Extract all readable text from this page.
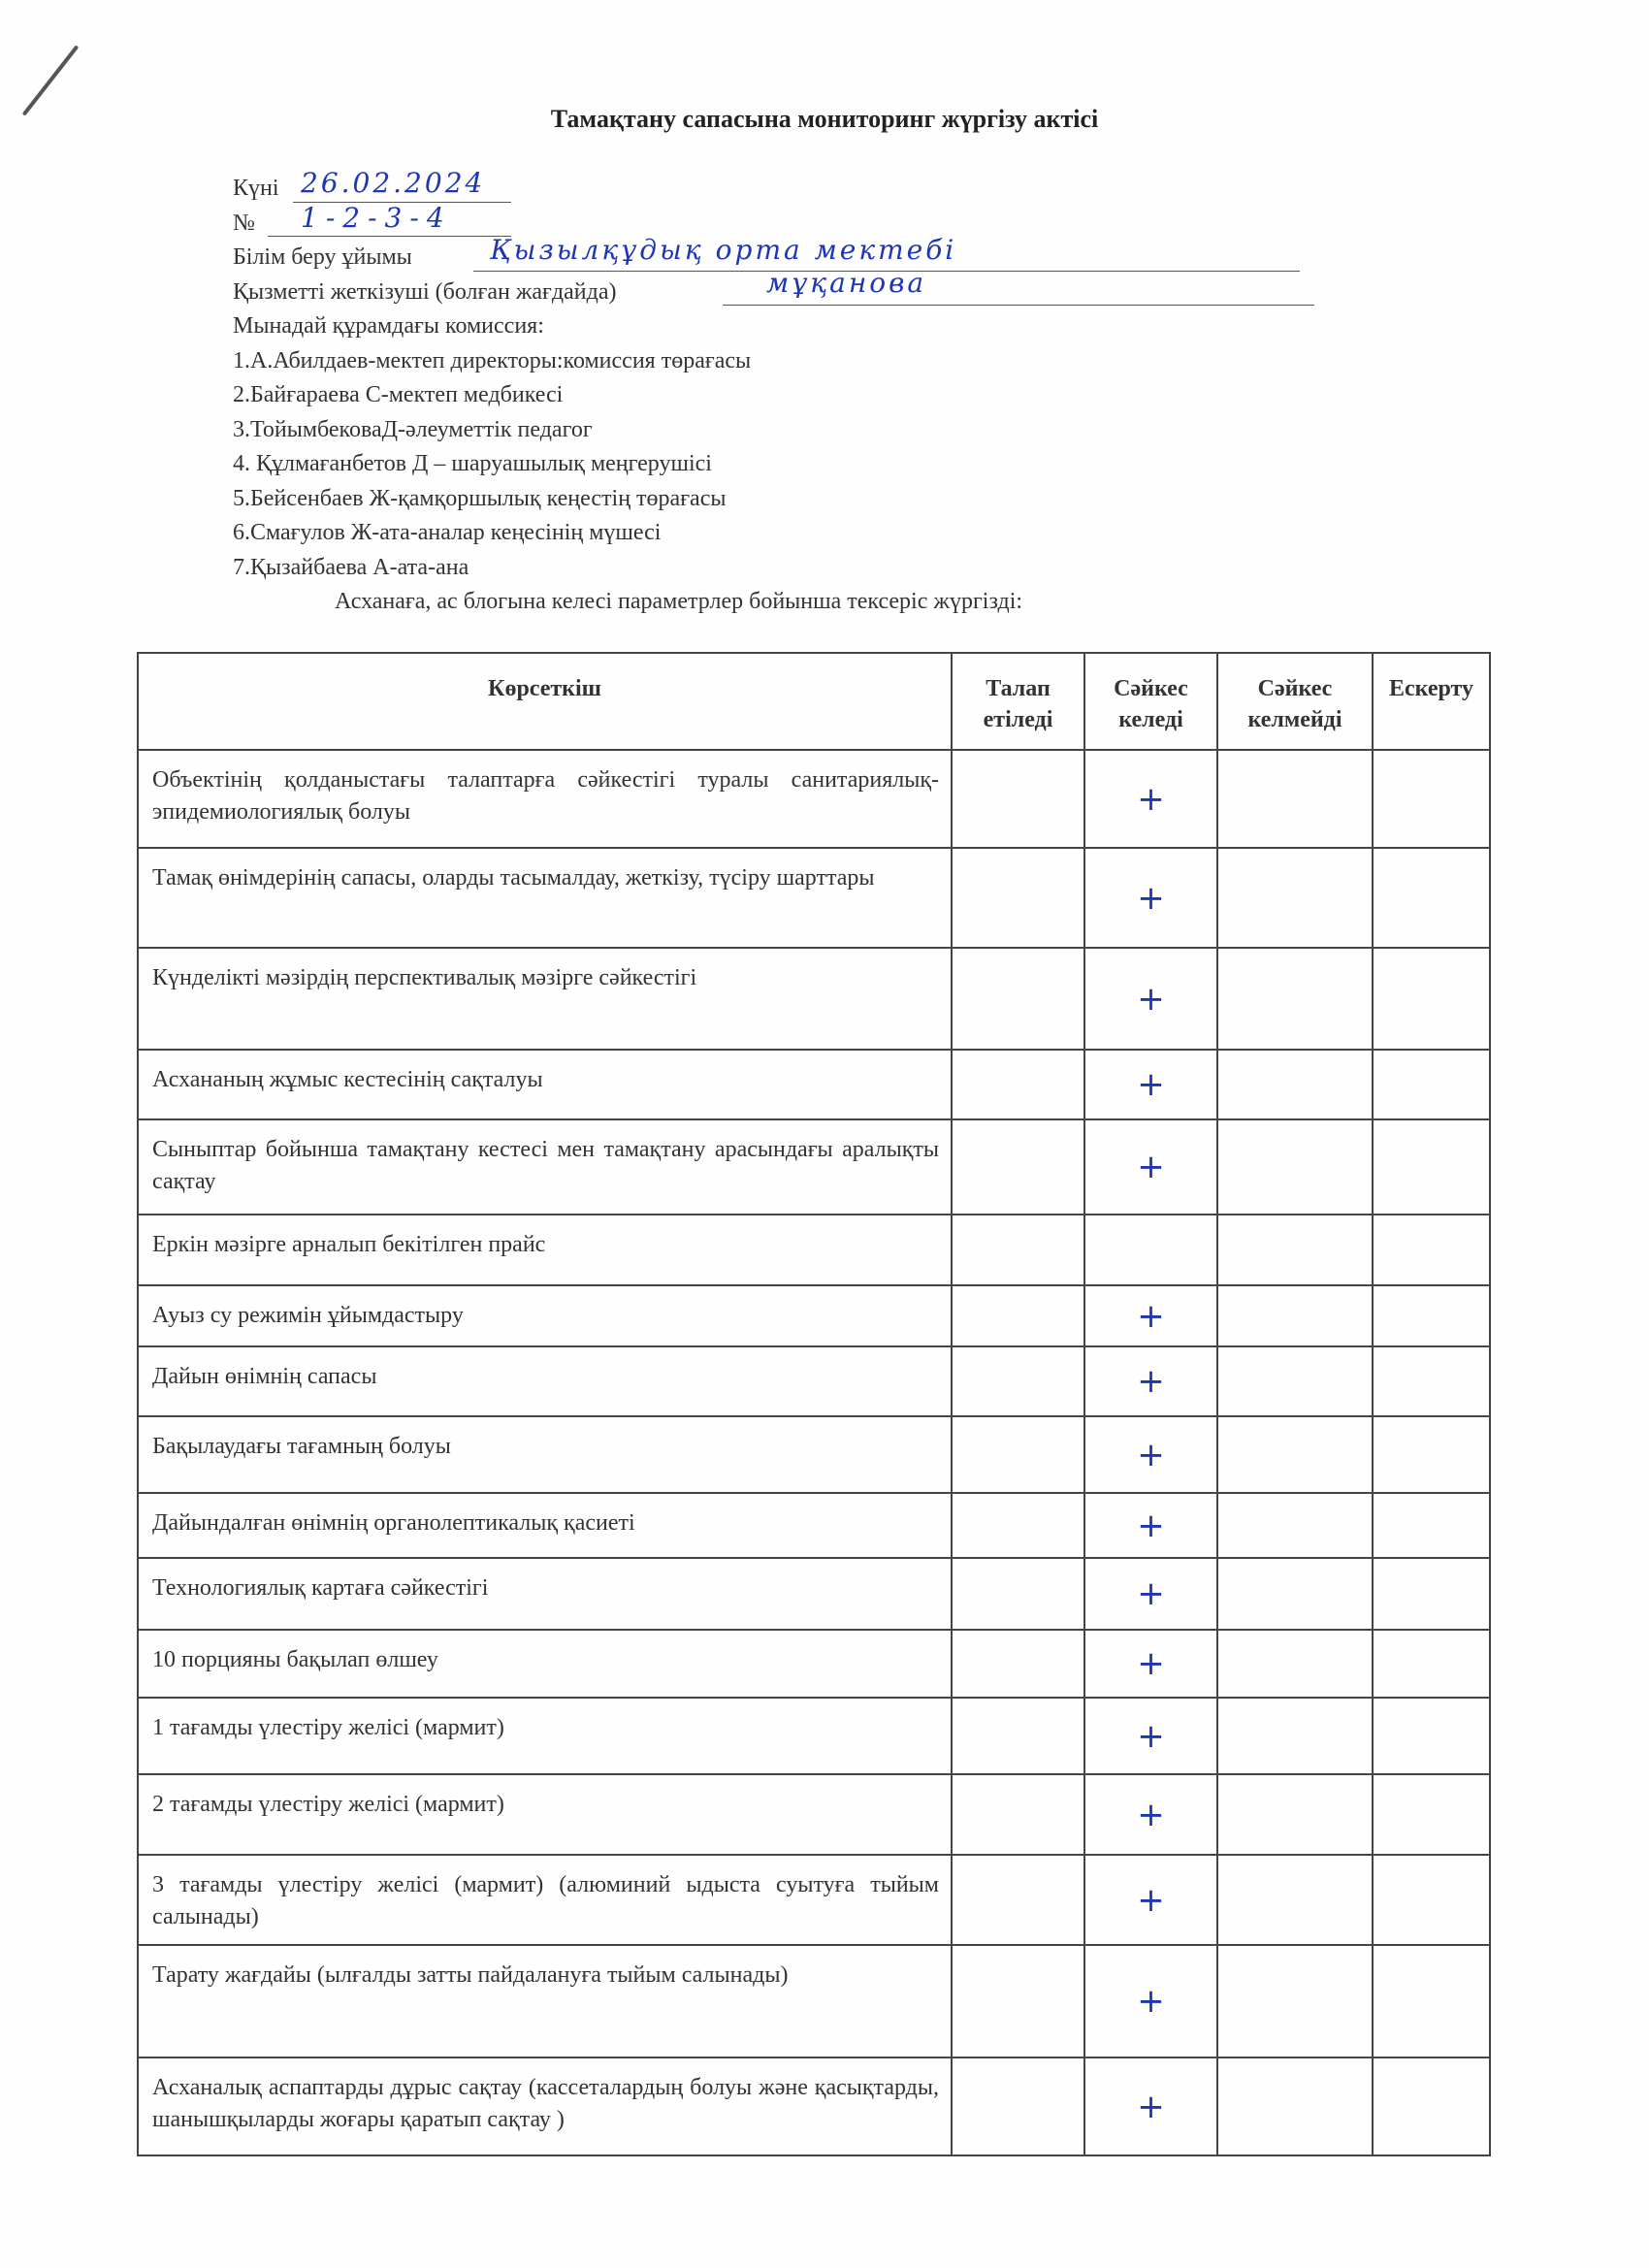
Тамақтану сапасына мониторинг жүргізу актісі
Күні 26.02.2024
№ 1-2-3-4
Білім беру ұйымы	Қызылқұдық орта мектебі
Қызметті жеткізуші (болған жағдайда)	мұқанова
Мынадай құрамдағы комиссия:
1.А.Абилдаев-мектеп директоры:комиссия төрағасы
2.Байғараева С-мектеп медбикесі
3.ТойымбековаД-әлеуметтік педагог
4. Құлмағанбетов Д – шаруашылық меңгерушісі
5.Бейсенбаев Ж-қамқоршылық кеңестің төрағасы
6.Смағулов Ж-ата-аналар кеңесінің мүшесі
7.Қызайбаева А-ата-ана
Асханаға, ас блогына келесі параметрлер бойынша тексеріс жүргізді:
Көрсеткіш	Талап етіледі	Сәйкес келеді	Сәйкес келмейді	Ескерту
Объектінің қолданыстағы талаптарға сәйкестігі туралы санитариялық-эпидемиологиялық болуы		+		
Тамақ өнімдерінің сапасы, оларды тасымалдау, жеткізу, түсіру шарттары		+		
Күнделікті мәзірдің перспективалық мәзірге сәйкестігі		+		
Асхананың жұмыс кестесінің сақталуы		+		
Сыныптар бойынша тамақтану кестесі мен тамақтану арасындағы аралықты сақтау		+		
Еркін мәзірге арналып бекітілген прайс				
Ауыз су режимін ұйымдастыру		+		
Дайын өнімнің сапасы		+		
Бақылаудағы тағамның болуы		+		
Дайындалған өнімнің органолептикалық қасиеті		+		
Технологиялық картаға сәйкестігі		+		
10 порцияны бақылап өлшеу		+		
1 тағамды үлестіру желісі (мармит)		+		
2 тағамды үлестіру желісі (мармит)		+		
3 тағамды үлестіру желісі (мармит) (алюминий ыдыста суытуға тыйым салынады)		+		
Тарату жағдайы (ылғалды затты пайдалануға тыйым салынады)		+		
Асханалық аспаптарды дұрыс сақтау (кассеталардың болуы және қасықтарды, шанышқыларды жоғары қаратып сақтау )		+		
